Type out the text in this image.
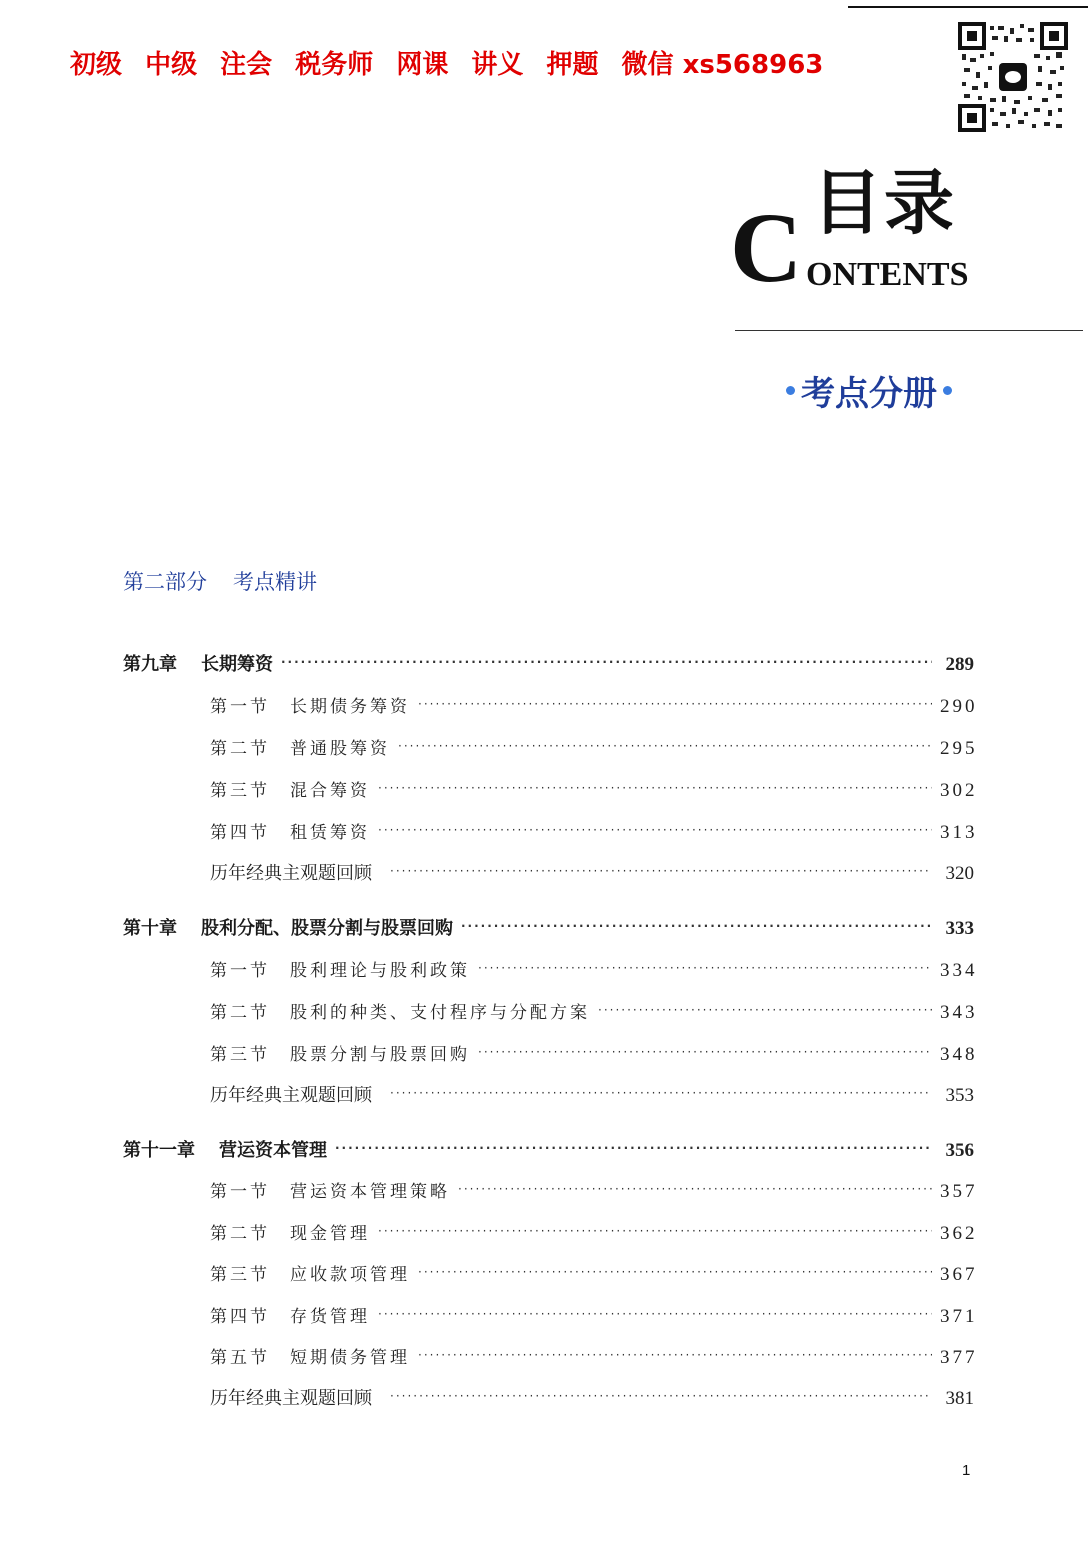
初级 中级 注会 税务师 网课 讲义 押题 微信 xs568963
C 目录
ONTENTS
考点分册
第二部分 考点精讲
第九章 长期筹资 ·····	289
第一节 长期债务筹资 ·····	290
第二节 普通股筹资 ·····	295
第三节 混合筹资 ·····	302
第四节 租赁筹资 ·····	313
历年经典主观题回顾 ·····	320
第十章 股利分配、股票分割与股票回购 ·····	333
第一节 股利理论与股利政策 ·····	334
第二节 股利的种类、支付程序与分配方案 ·····	343
第三节 股票分割与股票回购 ·····	348
历年经典主观题回顾 ·····	353
第十一章 营运资本管理 ·····	356
第一节 营运资本管理策略 ·····	357
第二节 现金管理 ·····	362
第三节 应收款项管理 ·····	367
第四节 存货管理 ·····	371
第五节 短期债务管理 ·····	377
历年经典主观题回顾 ·····	381
1
